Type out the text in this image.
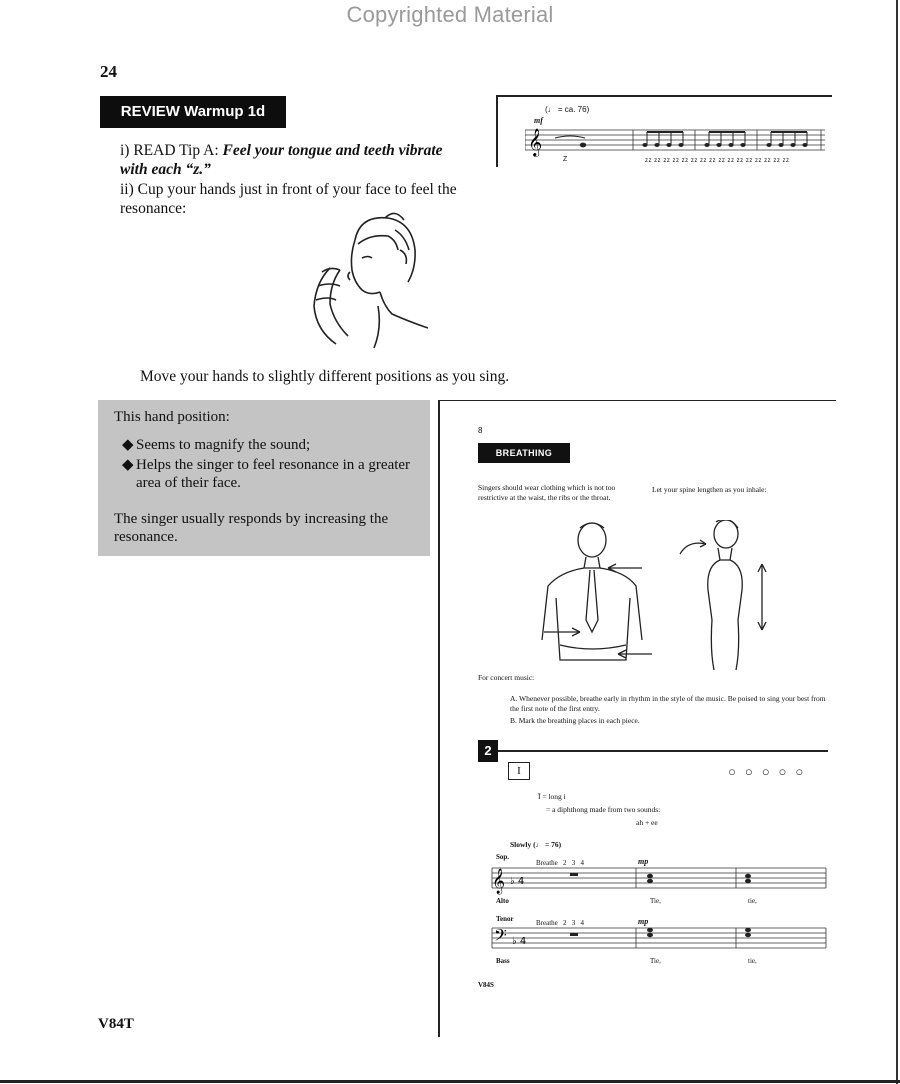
Copyrighted Material
24
REVIEW Warmup 1d
i) READ Tip A: Feel your tongue and teeth vibrate with each “z.”
ii) Cup your hands just in front of your face to feel the resonance:
(♩ = ca. 76)
mf
𝄞
Z	zz zz zz zz zz zz zz zz zz zz zz zz zz zz zz zz
Move your hands to slightly different positions as you sing.
This hand position:
◆ Seems to magnify the sound;
◆ Helps the singer to feel resonance in a greater area of their face.
The singer usually responds by increasing the resonance.
8
BREATHING
Singers should wear clothing which is not too restrictive at the waist, the ribs or the throat.
Let your spine lengthen as you inhale:
For concert music:
A. Whenever possible, breathe early in rhythm in the style of the music. Be poised to sing your best from the first note of the first entry.
B. Mark the breathing places in each piece.
2
I	○○○○○
Ī = long i
= a diphthong made from two sounds:
ah + ee
Slowly (♩ = 76)
Sop.
Breathe   2   3   4	mp
Alto	Tie,	tie,
Tenor	Breathe   2   3   4	mp
Bass	Tie,	tie,
𝄞
𝄢
♭ 4
♭ 4
V84S
V84T
